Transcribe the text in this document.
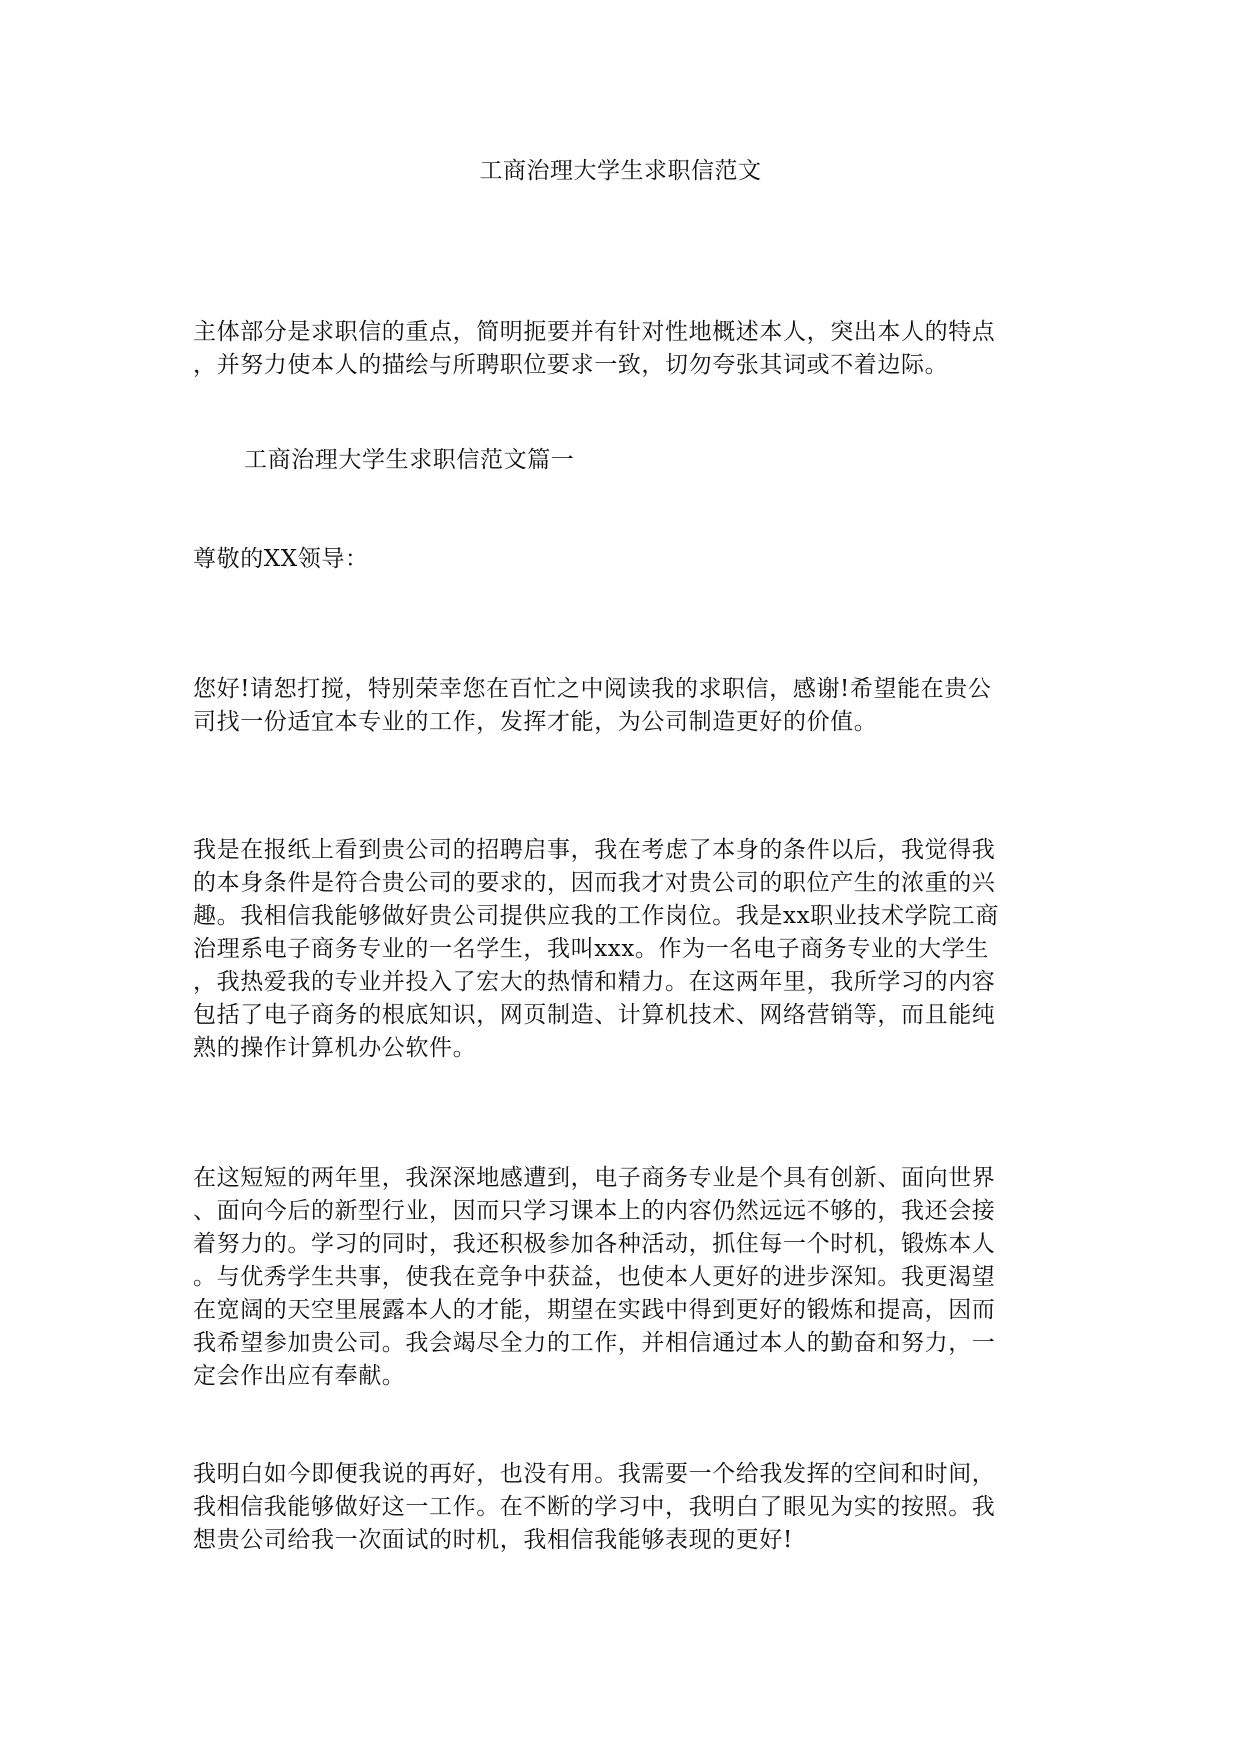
工商治理大学生求职信范文

主体部分是求职信的重点，简明扼要并有针对性地概述本人，突出本人的特点

，并努力使本人的描绘与所聘职位要求一致，切勿夸张其词或不着边际。

工商治理大学生求职信范文篇一

尊敬的XX领导：

您好!请恕打搅，特别荣幸您在百忙之中阅读我的求职信，感谢!希望能在贵公

司找一份适宜本专业的工作，发挥才能，为公司制造更好的价值。

我是在报纸上看到贵公司的招聘启事，我在考虑了本身的条件以后，我觉得我

的本身条件是符合贵公司的要求的，因而我才对贵公司的职位产生的浓重的兴

趣。我相信我能够做好贵公司提供应我的工作岗位。我是xx职业技术学院工商

治理系电子商务专业的一名学生，我叫xxx。作为一名电子商务专业的大学生

，我热爱我的专业并投入了宏大的热情和精力。在这两年里，我所学习的内容

包括了电子商务的根底知识，网页制造、计算机技术、网络营销等，而且能纯

熟的操作计算机办公软件。

在这短短的两年里，我深深地感遭到，电子商务专业是个具有创新、面向世界

、面向今后的新型行业，因而只学习课本上的内容仍然远远不够的，我还会接

着努力的。学习的同时，我还积极参加各种活动，抓住每一个时机，锻炼本人

。与优秀学生共事，使我在竞争中获益，也使本人更好的进步深知。我更渴望

在宽阔的天空里展露本人的才能，期望在实践中得到更好的锻炼和提高，因而

我希望参加贵公司。我会竭尽全力的工作，并相信通过本人的勤奋和努力，一

定会作出应有奉献。

我明白如今即便我说的再好，也没有用。我需要一个给我发挥的空间和时间，

我相信我能够做好这一工作。在不断的学习中，我明白了眼见为实的按照。我

想贵公司给我一次面试的时机，我相信我能够表现的更好!
